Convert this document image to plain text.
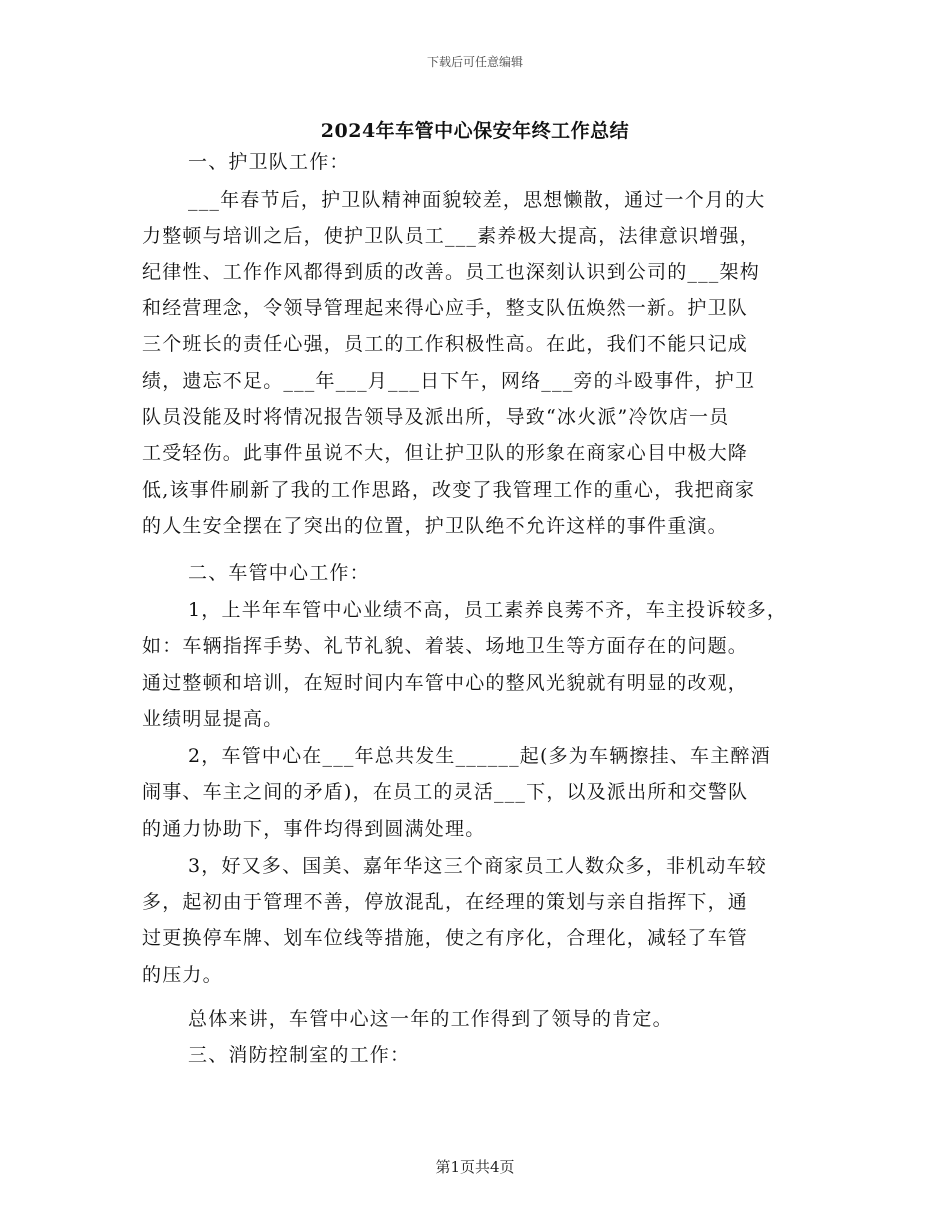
下载后可任意编辑
2024年车管中心保安年终工作总结
一、护卫队工作：
___年春节后，护卫队精神面貌较差，思想懒散，通过一个月的大
力整顿与培训之后，使护卫队员工___素养极大提高，法律意识增强，
纪律性、工作作风都得到质的改善。员工也深刻认识到公司的___架构
和经营理念，令领导管理起来得心应手，整支队伍焕然一新。护卫队
三个班长的责任心强，员工的工作积极性高。在此，我们不能只记成
绩，遗忘不足。___年___月___日下午，网络___旁的斗殴事件，护卫
队员没能及时将情况报告领导及派出所，导致“冰火派”冷饮店一员
工受轻伤。此事件虽说不大，但让护卫队的形象在商家心目中极大降
低,该事件刷新了我的工作思路，改变了我管理工作的重心，我把商家
的人生安全摆在了突出的位置，护卫队绝不允许这样的事件重演。
二、车管中心工作：
1，上半年车管中心业绩不高，员工素养良莠不齐，车主投诉较多，
如：车辆指挥手势、礼节礼貌、着装、场地卫生等方面存在的问题。
通过整顿和培训，在短时间内车管中心的整风光貌就有明显的改观，
业绩明显提高。
2，车管中心在___年总共发生______起(多为车辆擦挂、车主醉酒
闹事、车主之间的矛盾)，在员工的灵活___下，以及派出所和交警队
的通力协助下，事件均得到圆满处理。
3，好又多、国美、嘉年华这三个商家员工人数众多，非机动车较
多，起初由于管理不善，停放混乱，在经理的策划与亲自指挥下，通
过更换停车牌、划车位线等措施，使之有序化，合理化，减轻了车管
的压力。
总体来讲，车管中心这一年的工作得到了领导的肯定。
三、消防控制室的工作：
第1页共4页
